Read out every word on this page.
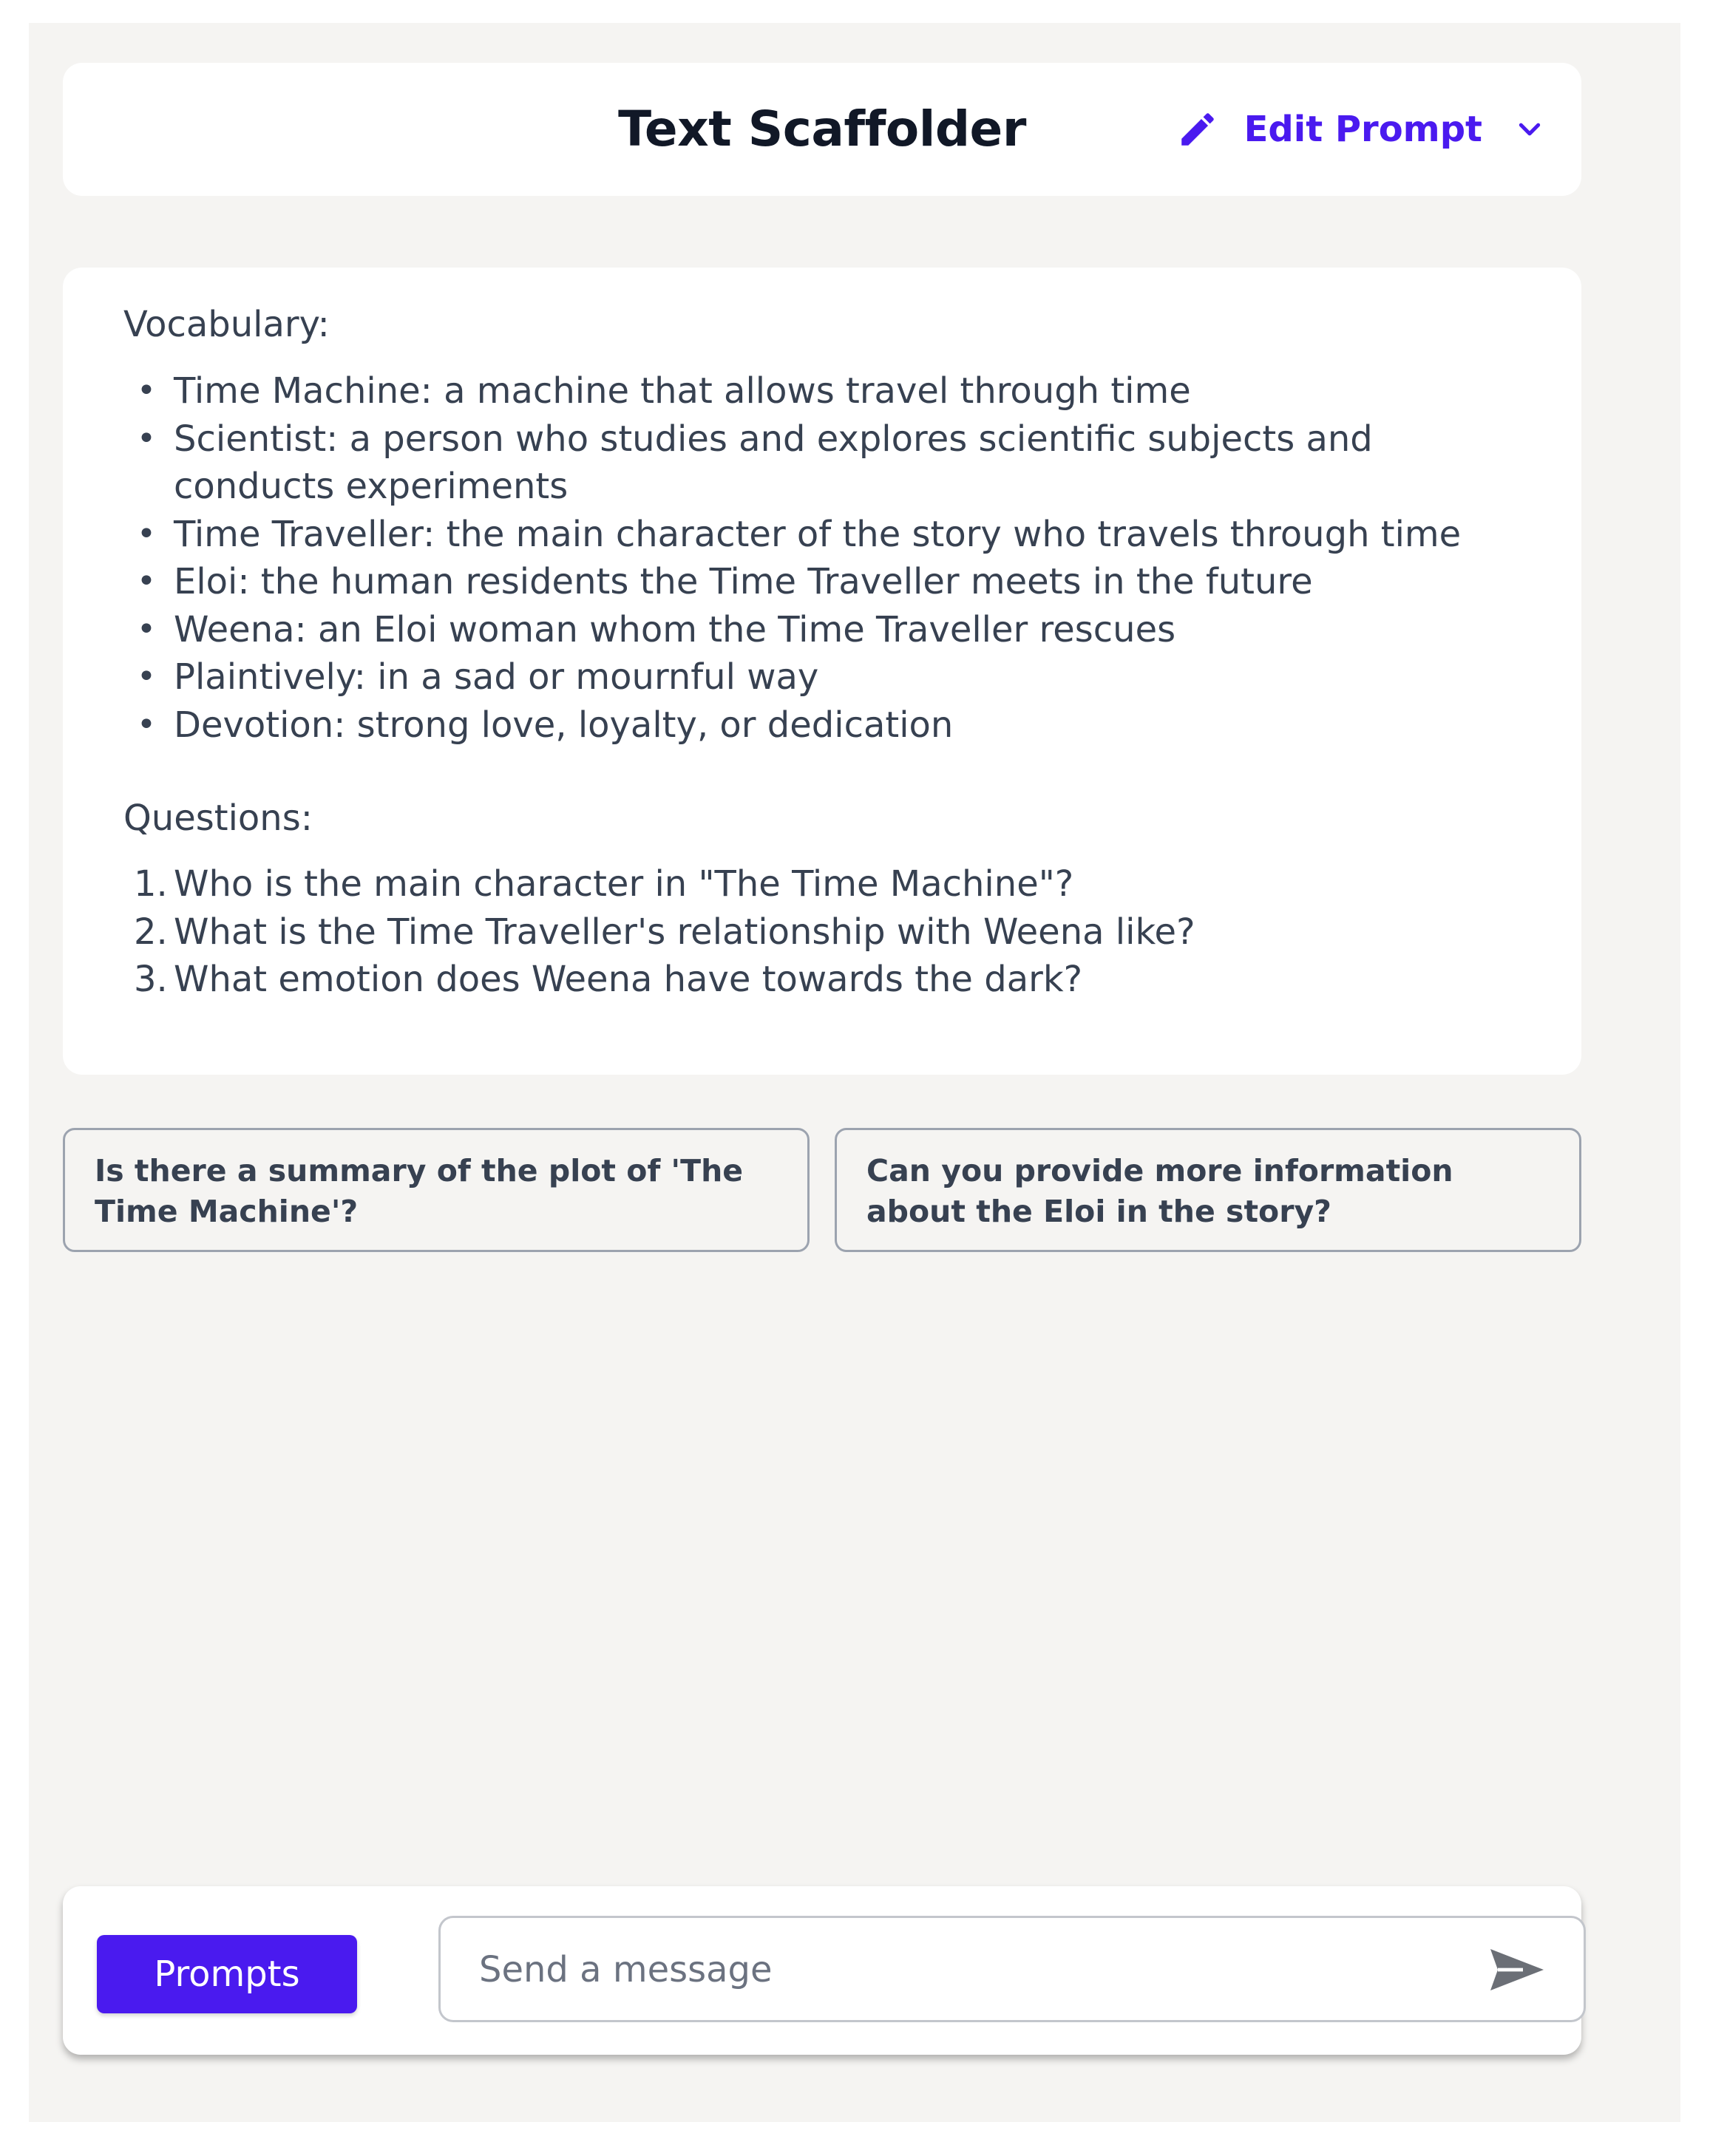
Text Scaffolder	Edit Prompt
Vocabulary:
• Time Machine: a machine that allows travel through time
• Scientist: a person who studies and explores scientific subjects and conducts experiments
• Time Traveller: the main character of the story who travels through time
• Eloi: the human residents the Time Traveller meets in the future
• Weena: an Eloi woman whom the Time Traveller rescues
• Plaintively: in a sad or mournful way
• Devotion: strong love, loyalty, or dedication
Questions:
1. Who is the main character in "The Time Machine"?
2. What is the Time Traveller's relationship with Weena like?
3. What emotion does Weena have towards the dark?
Is there a summary of the plot of 'The Time Machine'?
Can you provide more information about the Eloi in the story?
Prompts
Send a message
